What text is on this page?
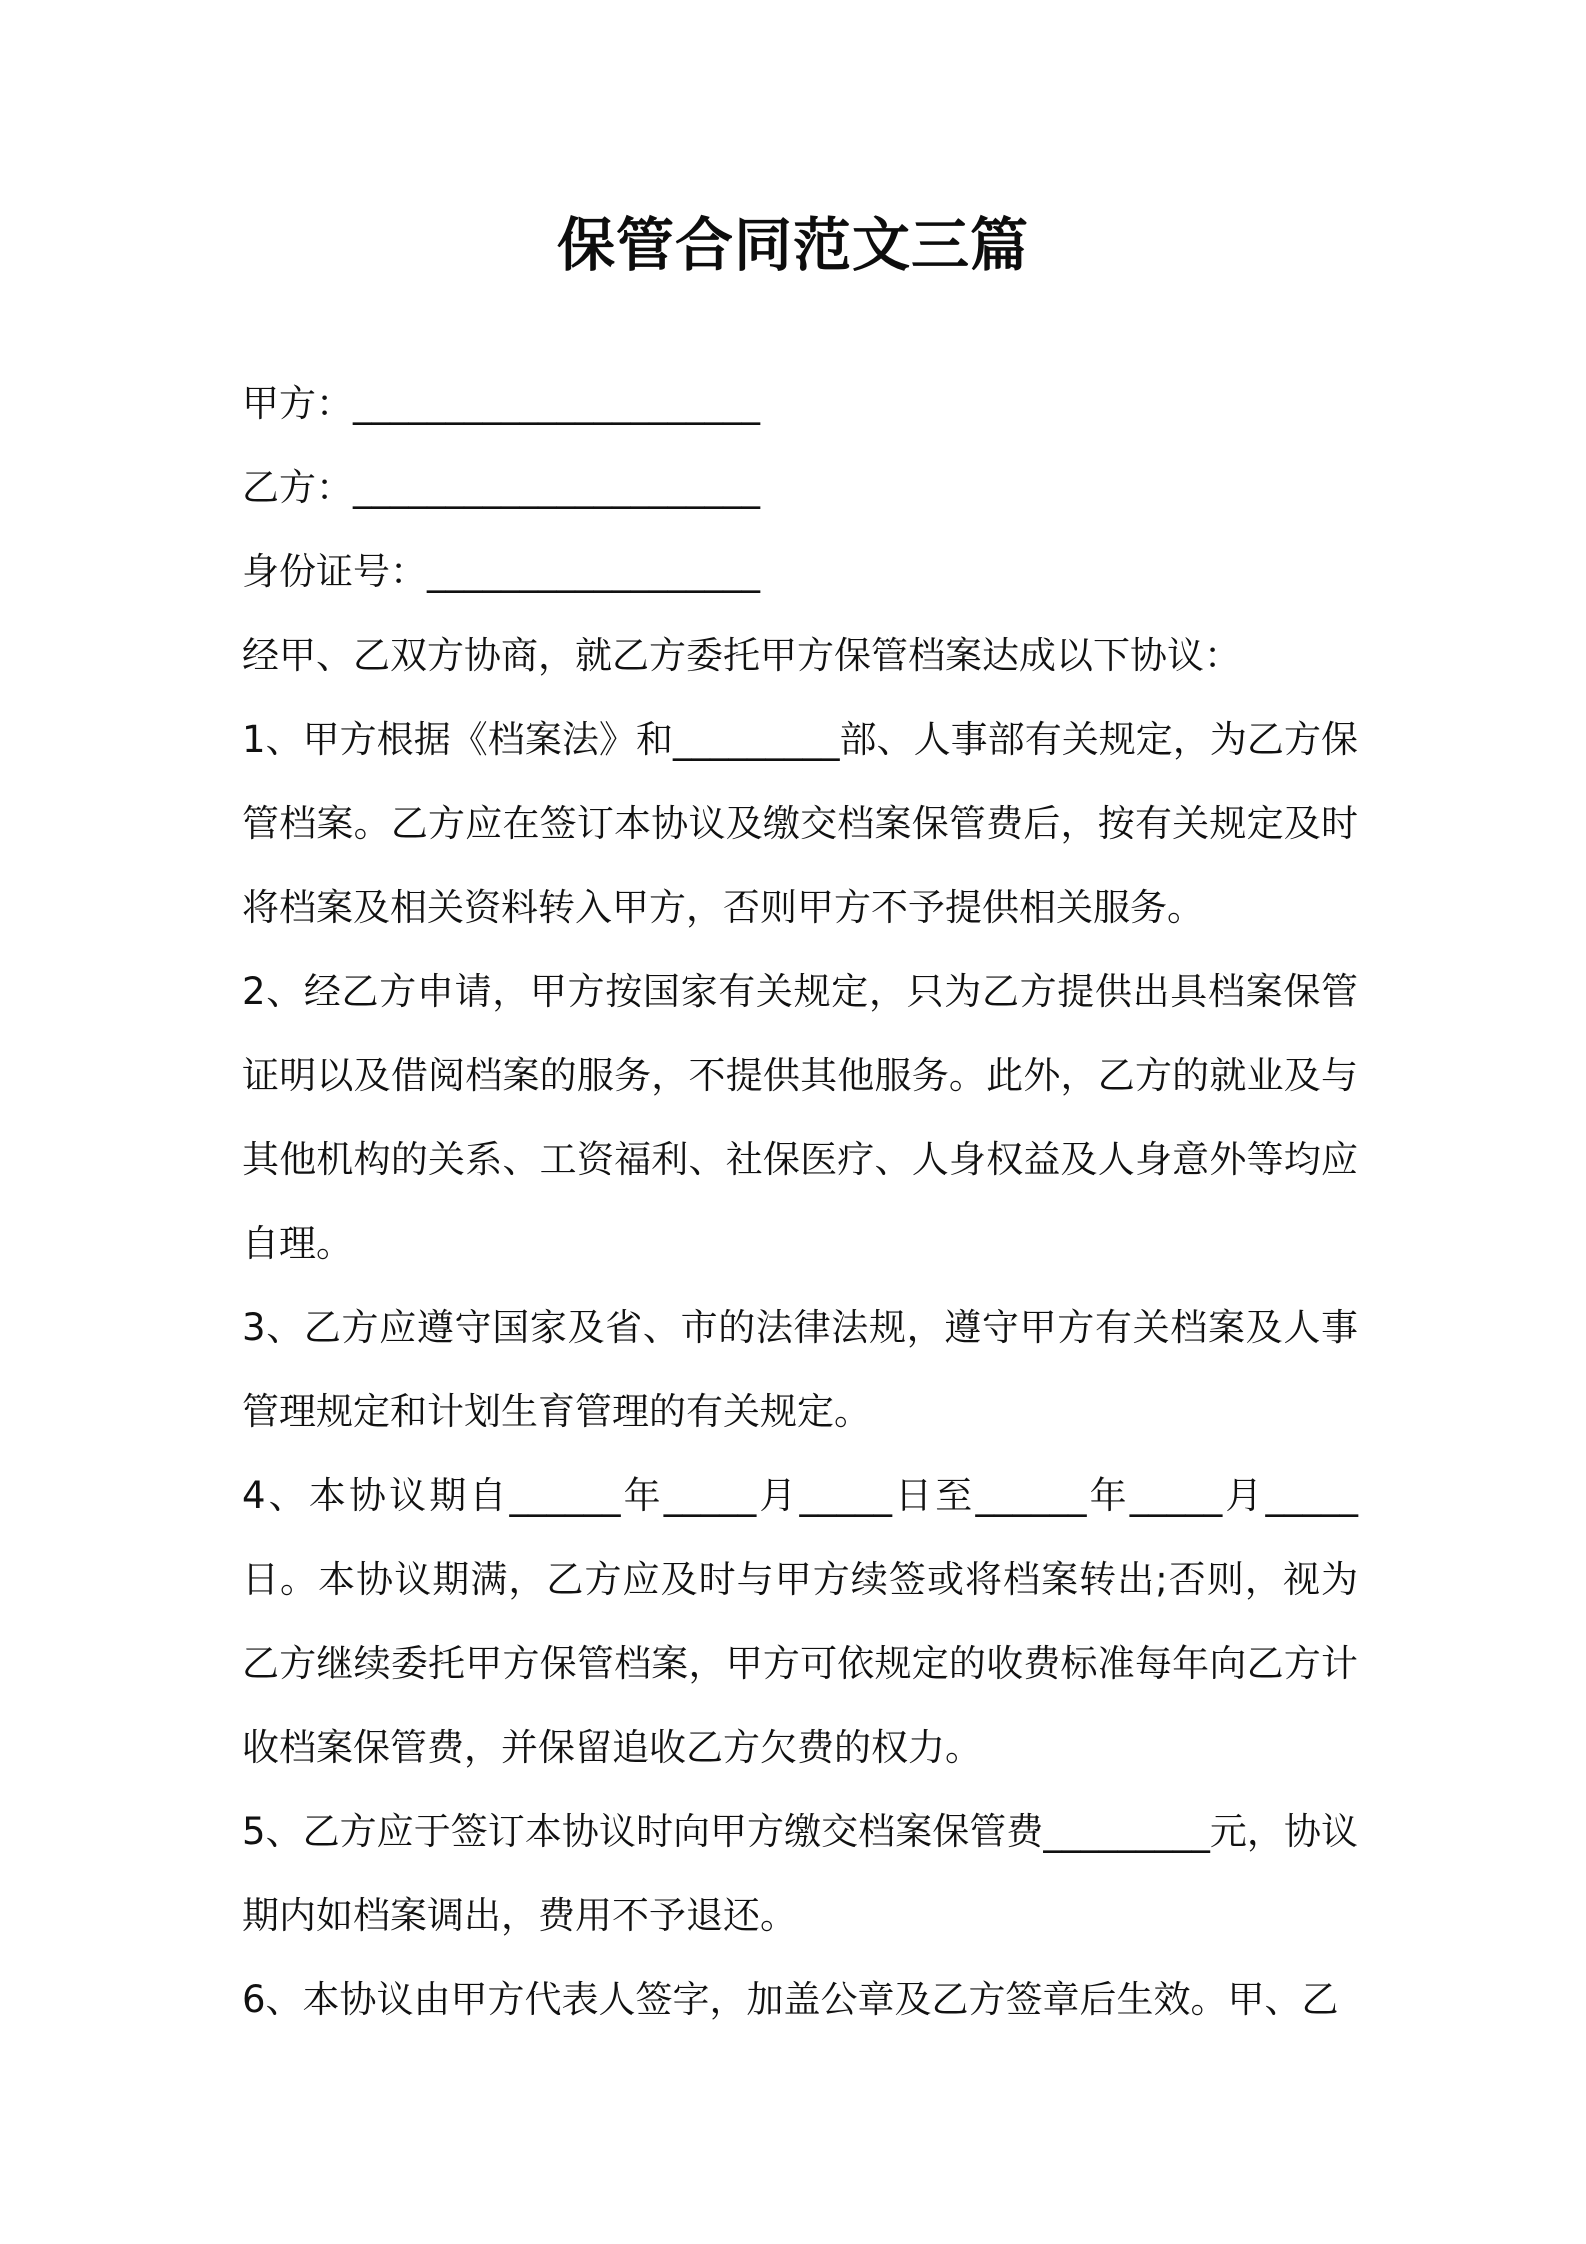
保管合同范文三篇
甲方：______________________
乙方：______________________
身份证号：__________________
经甲、乙双方协商，就乙方委托甲方保管档案达成以下协议：
1、甲方根据《档案法》和_________部、人事部有关规定，为乙方保管档案。乙方应在签订本协议及缴交档案保管费后，按有关规定及时将档案及相关资料转入甲方，否则甲方不予提供相关服务。
2、经乙方申请，甲方按国家有关规定，只为乙方提供出具档案保管证明以及借阅档案的服务，不提供其他服务。此外，乙方的就业及与其他机构的关系、工资福利、社保医疗、人身权益及人身意外等均应自理。
3、乙方应遵守国家及省、市的法律法规，遵守甲方有关档案及人事管理规定和计划生育管理的有关规定。
4、本协议期自______年_____月_____日至______年_____月_____日。本协议期满，乙方应及时与甲方续签或将档案转出;否则，视为乙方继续委托甲方保管档案，甲方可依规定的收费标准每年向乙方计收档案保管费，并保留追收乙方欠费的权力。
5、乙方应于签订本协议时向甲方缴交档案保管费_________元，协议期内如档案调出，费用不予退还。
6、本协议由甲方代表人签字，加盖公章及乙方签章后生效。甲、乙
